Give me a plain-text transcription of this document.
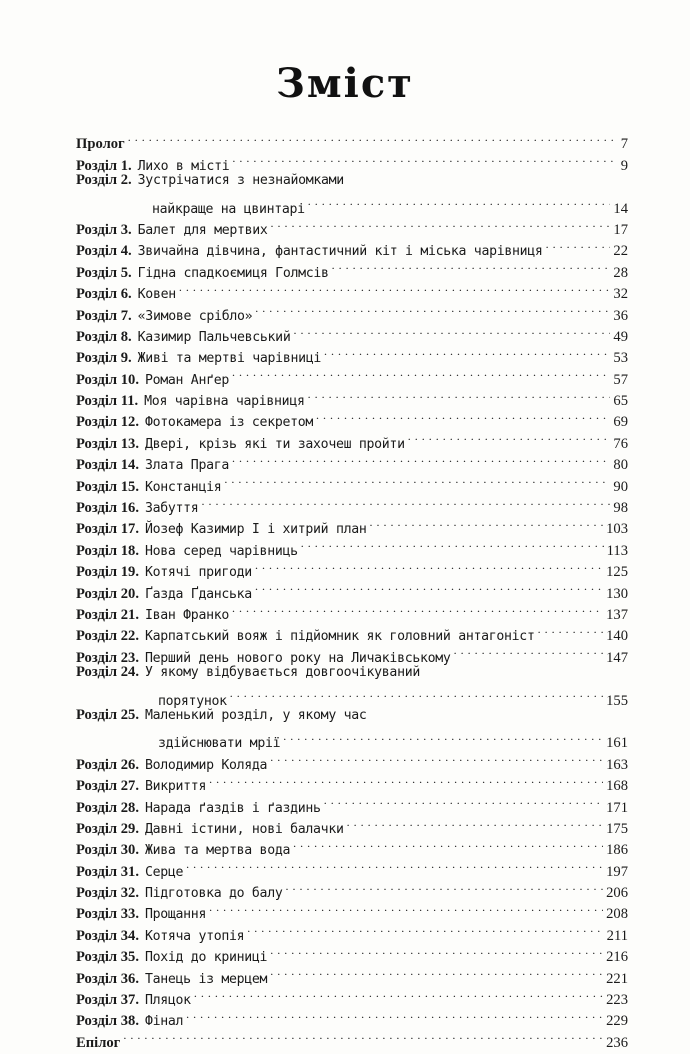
Зміст
Пролог . . .	7
Розділ 1. Лихо в місті . . .	9
Розділ 2. Зустрічатися з незнайомками
найкраще на цвинтарі . . .	14
Розділ 3. Балет для мертвих . . .	17
Розділ 4. Звичайна дівчина, фантастичний кіт і міська чарівниця . . .	22
Розділ 5. Гідна спадкоємиця Голмсів . . .	28
Розділ 6. Ковен . . .	32
Розділ 7. «Зимове срібло» . . .	36
Розділ 8. Казимир Пальчевський . . .	49
Розділ 9. Живі та мертві чарівниці . . .	53
Розділ 10. Роман Анґер . . .	57
Розділ 11. Моя чарівна чарівниця . . .	65
Розділ 12. Фотокамера із секретом . . .	69
Розділ 13. Двері, крізь які ти захочеш пройти . . .	76
Розділ 14. Злата Прага . . .	80
Розділ 15. Констанція . . .	90
Розділ 16. Забуття . . .	98
Розділ 17. Йозеф Казимир I і хитрий план . . .	103
Розділ 18. Нова серед чарівниць . . .	113
Розділ 19. Котячі пригоди . . .	125
Розділ 20. Ґазда Ґданська . . .	130
Розділ 21. Іван Франко . . .	137
Розділ 22. Карпатський вояж і підйомник як головний антагоніст . . .	140
Розділ 23. Перший день нового року на Личаківському . . .	147
Розділ 24. У якому відбувається довгоочікуваний
порятунок . . .	155
Розділ 25. Маленький розділ, у якому час
здійснювати мрії . . .	161
Розділ 26. Володимир Коляда . . .	163
Розділ 27. Викриття . . .	168
Розділ 28. Нарада ґаздів і ґаздинь . . .	171
Розділ 29. Давні істини, нові балачки . . .	175
Розділ 30. Жива та мертва вода . . .	186
Розділ 31. Серце . . .	197
Розділ 32. Підготовка до балу . . .	206
Розділ 33. Прощання . . .	208
Розділ 34. Котяча утопія . . .	211
Розділ 35. Похід до криниці . . .	216
Розділ 36. Танець із мерцем . . .	221
Розділ 37. Пляцок . . .	223
Розділ 38. Фінал . . .	229
Епілог . . .	236
